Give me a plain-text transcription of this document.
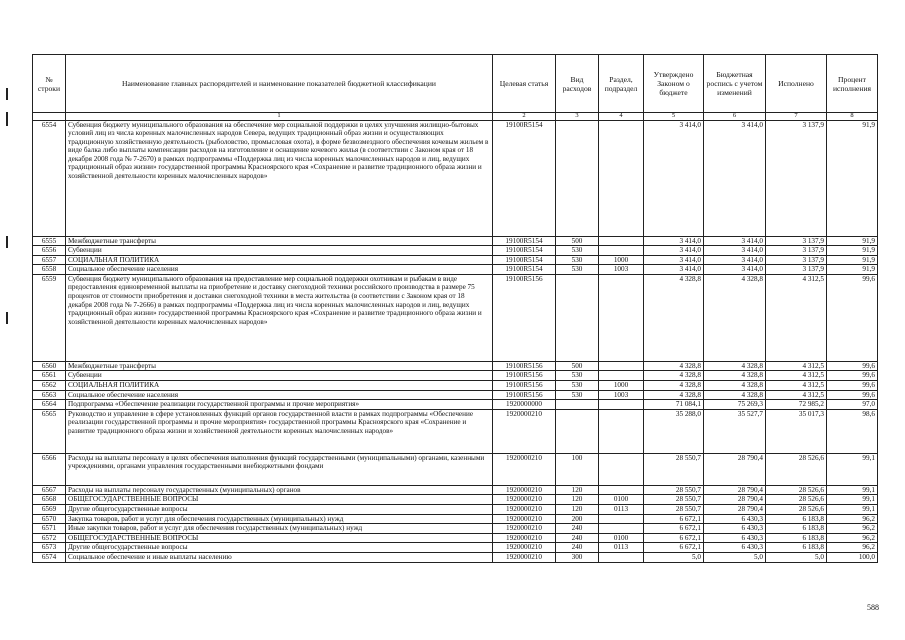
№ строки	Наименование главных распорядителей и наименование показателей бюджетной классификации	Целевая статья	Вид расходов	Раздел, подраздел	Утверждено Законом о бюджете	Бюджетная роспись с учетом изменений	Исполнено	Процент исполнения
	1	2	3	4	5	6	7	8
6554	Субвенция бюджету муниципального образования на обеспечение мер социальной поддержки в целях улучшения жилищно-бытовых условий лиц из числа коренных малочисленных народов Севера, ведущих традиционный образ жизни и осуществляющих традиционную хозяйственную деятельность (рыболовство, промысловая охота), в форме безвозмездного обеспечения кочевым жильем в виде балка либо выплаты компенсации расходов на изготовление и оснащение кочевого жилья (в соответствии с Законом края от 18 декабря 2008 года № 7-2670) в рамках подпрограммы «Поддержка лиц из числа коренных малочисленных народов и лиц, ведущих традиционный образ жизни» государственной программы Красноярского края «Сохранение и развитие традиционного образа жизни и хозяйственной деятельности коренных малочисленных народов»	19100R5154			3 414,0	3 414,0	3 137,9	91,9
6555	Межбюджетные трансферты	19100R5154	500		3 414,0	3 414,0	3 137,9	91,9
6556	Субвенции	19100R5154	530		3 414,0	3 414,0	3 137,9	91,9
6557	СОЦИАЛЬНАЯ ПОЛИТИКА	19100R5154	530	1000	3 414,0	3 414,0	3 137,9	91,9
6558	Социальное обеспечение населения	19100R5154	530	1003	3 414,0	3 414,0	3 137,9	91,9
6559	Субвенция бюджету муниципального образования на предоставление мер социальной поддержки охотникам и рыбакам в виде предоставления единовременной выплаты на приобретение и доставку снегоходной техники российского производства в размере 75 процентов от стоимости приобретения и доставки снегоходной техники в места жительства (в соответствии с Законом края от 18 декабря 2008 года № 7-2666) в рамках подпрограммы «Поддержка лиц из числа коренных малочисленных народов и лиц, ведущих традиционный образ жизни» государственной программы Красноярского края «Сохранение и развитие традиционного образа жизни и хозяйственной деятельности коренных малочисленных народов»	19100R5156			4 328,8	4 328,8	4 312,5	99,6
6560	Межбюджетные трансферты	19100R5156	500		4 328,8	4 328,8	4 312,5	99,6
6561	Субвенции	19100R5156	530		4 328,8	4 328,8	4 312,5	99,6
6562	СОЦИАЛЬНАЯ ПОЛИТИКА	19100R5156	530	1000	4 328,8	4 328,8	4 312,5	99,6
6563	Социальное обеспечение населения	19100R5156	530	1003	4 328,8	4 328,8	4 312,5	99,6
6564	Подпрограмма «Обеспечение реализации государственной программы и прочие мероприятия»	1920000000			71 084,1	75 269,3	72 985,2	97,0
6565	Руководство и управление в сфере установленных функций органов государственной власти в рамках подпрограммы «Обеспечение реализации государственной программы и прочие мероприятия» государственной программы Красноярского края «Сохранение и развитие традиционного образа жизни и хозяйственной деятельности коренных малочисленных народов»	1920000210			35 288,0	35 527,7	35 017,3	98,6
6566	Расходы на выплаты персоналу в целях обеспечения выполнения функций государственными (муниципальными) органами, казенными учреждениями, органами управления государственными внебюджетными фондами	1920000210	100		28 550,7	28 790,4	28 526,6	99,1
6567	Расходы на выплаты персоналу государственных (муниципальных) органов	1920000210	120		28 550,7	28 790,4	28 526,6	99,1
6568	ОБЩЕГОСУДАРСТВЕННЫЕ ВОПРОСЫ	1920000210	120	0100	28 550,7	28 790,4	28 526,6	99,1
6569	Другие общегосударственные вопросы	1920000210	120	0113	28 550,7	28 790,4	28 526,6	99,1
6570	Закупка товаров, работ и услуг для обеспечения государственных (муниципальных) нужд	1920000210	200		6 672,1	6 430,3	6 183,8	96,2
6571	Иные закупки товаров, работ и услуг для обеспечения государственных (муниципальных) нужд	1920000210	240		6 672,1	6 430,3	6 183,8	96,2
6572	ОБЩЕГОСУДАРСТВЕННЫЕ ВОПРОСЫ	1920000210	240	0100	6 672,1	6 430,3	6 183,8	96,2
6573	Другие общегосударственные вопросы	1920000210	240	0113	6 672,1	6 430,3	6 183,8	96,2
6574	Социальное обеспечение и иные выплаты населению	1920000210	300		5,0	5,0	5,0	100,0
588
